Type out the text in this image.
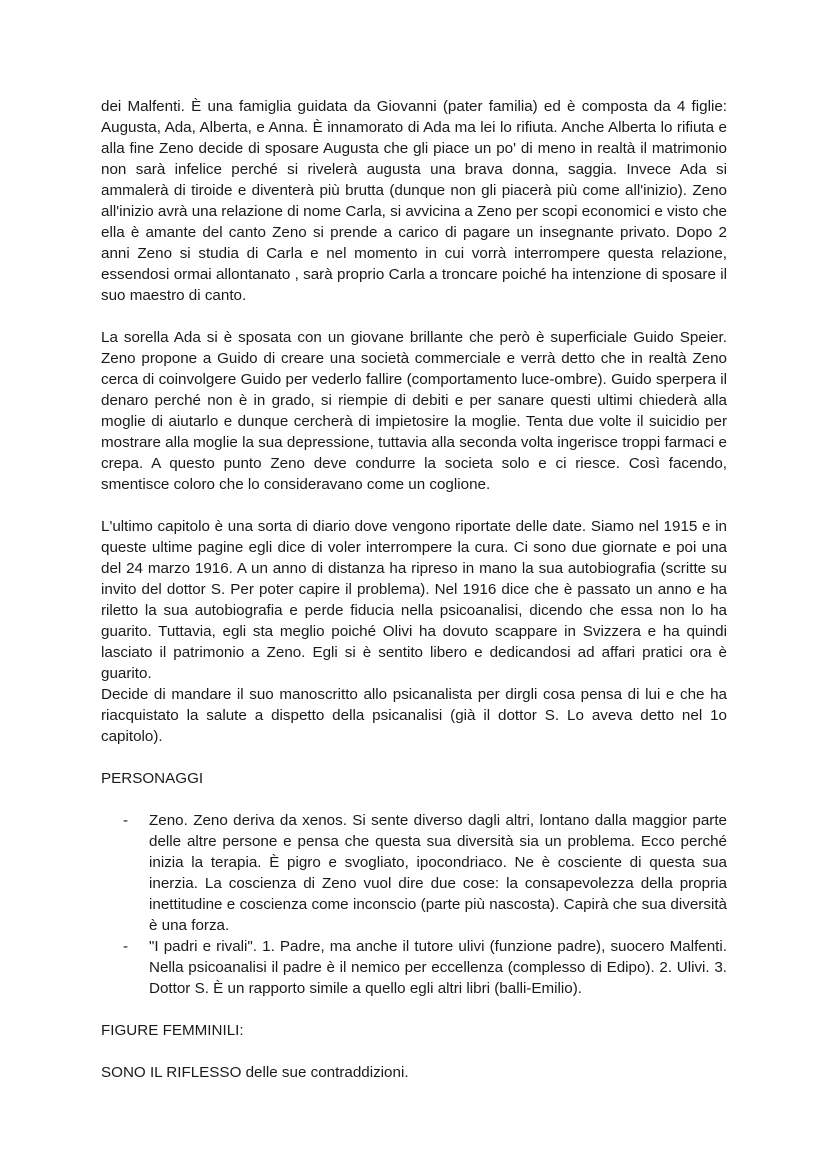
dei Malfenti. È una famiglia guidata da Giovanni (pater familia) ed è composta da 4 figlie: Augusta, Ada, Alberta, e Anna. È innamorato di Ada ma lei lo rifiuta. Anche Alberta lo rifiuta e alla fine Zeno decide di sposare Augusta che gli piace un po' di meno in realtà il matrimonio non sarà infelice perché si rivelerà augusta una brava donna, saggia. Invece Ada si ammalerà di tiroide e diventerà più brutta (dunque non gli piacerà più come all'inizio). Zeno all'inizio avrà una relazione di nome Carla, si avvicina a Zeno per scopi economici e visto che ella è amante del canto Zeno si prende a carico di pagare un insegnante privato. Dopo 2 anni Zeno si studia di Carla e nel momento in cui vorrà interrompere questa relazione, essendosi ormai allontanato , sarà proprio Carla a troncare poiché ha intenzione di sposare il suo maestro di canto.

La sorella Ada si è sposata con un giovane brillante che però è superficiale Guido Speier. Zeno propone a Guido di creare una società commerciale e verrà detto che in realtà Zeno cerca di coinvolgere Guido per vederlo fallire (comportamento luce-ombre). Guido sperpera il denaro perché non è in grado, si riempie di debiti e per sanare questi ultimi chiederà alla moglie di aiutarlo e dunque cercherà di impietosire la moglie. Tenta due volte il suicidio per mostrare alla moglie la sua depressione, tuttavia alla seconda volta ingerisce troppi farmaci e crepa. A questo punto Zeno deve condurre la societa solo e ci riesce. Così facendo, smentisce coloro che lo consideravano come un coglione.

L'ultimo capitolo è una sorta di diario dove vengono riportate delle date. Siamo nel 1915 e in queste ultime pagine egli dice di voler interrompere la cura. Ci sono due giornate e poi una del 24 marzo 1916. A un anno di distanza ha ripreso in mano la sua autobiografia (scritte su invito del dottor S. Per poter capire il problema). Nel 1916 dice che è passato un anno e ha riletto la sua autobiografia e perde fiducia nella psicoanalisi, dicendo che essa non lo ha guarito. Tuttavia, egli sta meglio poiché Olivi ha dovuto scappare in Svizzera e ha quindi lasciato il patrimonio a Zeno. Egli si è sentito libero e dedicandosi ad affari pratici ora è guarito.

Decide di mandare il suo manoscritto allo psicanalista per dirgli cosa pensa di lui e che ha riacquistato la salute a dispetto della psicanalisi (già il dottor S. Lo aveva detto nel 1o capitolo).

PERSONAGGI

-	Zeno. Zeno deriva da xenos. Si sente diverso dagli altri, lontano dalla maggior parte delle altre persone e pensa che questa sua diversità sia un problema. Ecco perché inizia la terapia. È pigro e svogliato, ipocondriaco. Ne è cosciente di questa sua inerzia. La coscienza di Zeno vuol dire due cose: la consapevolezza della propria inettitudine e coscienza come inconscio (parte più nascosta). Capirà che sua diversità è una forza.
-	"I padri e rivali". 1. Padre, ma anche il tutore ulivi (funzione padre), suocero Malfenti. Nella psicoanalisi il padre è il nemico per eccellenza (complesso di Edipo). 2. Ulivi. 3. Dottor S. È un rapporto simile a quello egli altri libri (balli-Emilio).

FIGURE FEMMINILI:

SONO IL RIFLESSO delle sue contraddizioni.
